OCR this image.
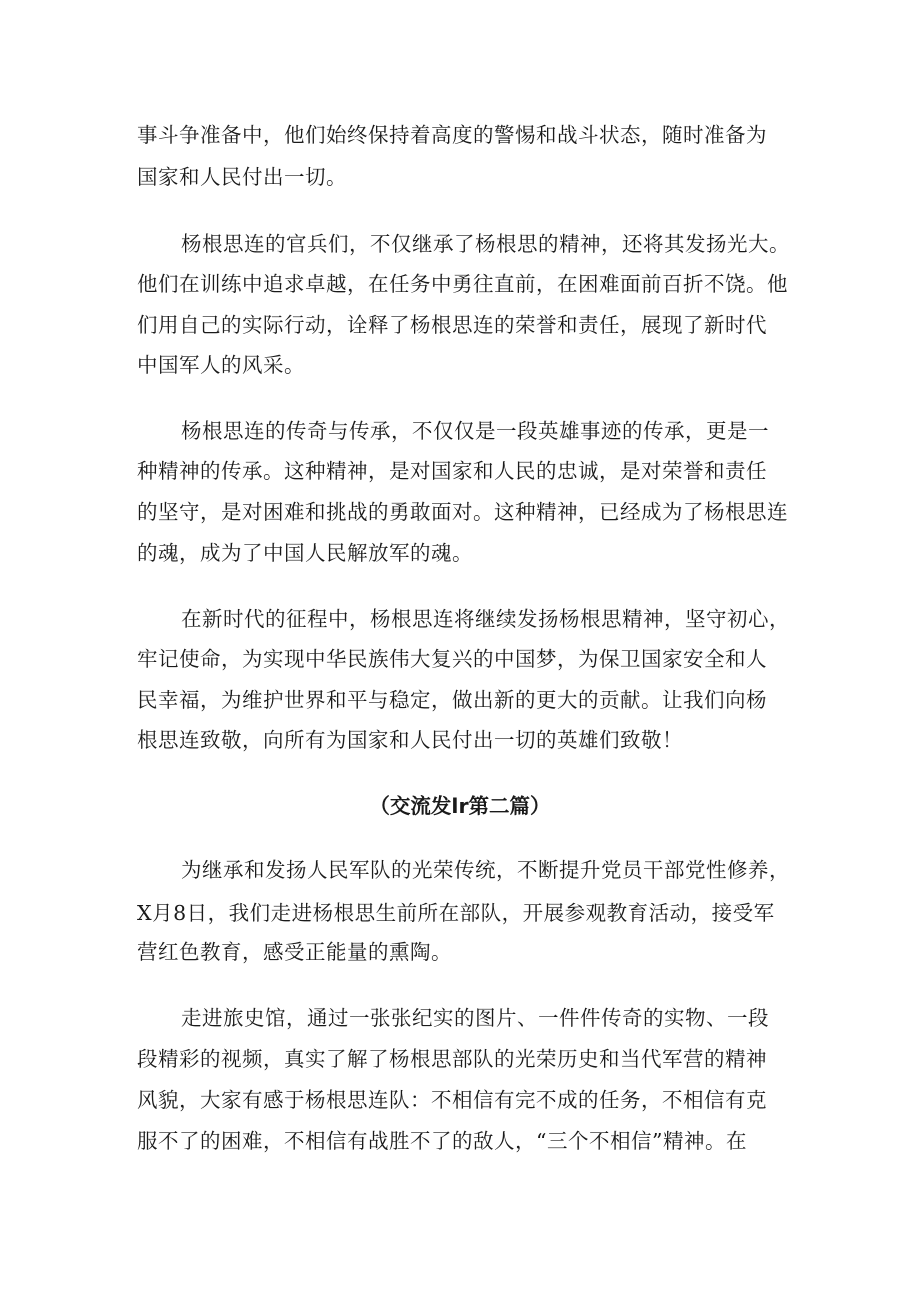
事斗争准备中，他们始终保持着高度的警惕和战斗状态，随时准备为
国家和人民付出一切。
杨根思连的官兵们，不仅继承了杨根思的精神，还将其发扬光大。
他们在训练中追求卓越，在任务中勇往直前，在困难面前百折不饶。他
们用自己的实际行动，诠释了杨根思连的荣誉和责任，展现了新时代
中国军人的风采。
杨根思连的传奇与传承，不仅仅是一段英雄事迹的传承，更是一
种精神的传承。这种精神，是对国家和人民的忠诚，是对荣誉和责任
的坚守，是对困难和挑战的勇敢面对。这种精神，已经成为了杨根思连
的魂，成为了中国人民解放军的魂。
在新时代的征程中，杨根思连将继续发扬杨根思精神，坚守初心，
牢记使命，为实现中华民族伟大复兴的中国梦，为保卫国家安全和人
民幸福，为维护世界和平与稳定，做出新的更大的贡献。让我们向杨
根思连致敬，向所有为国家和人民付出一切的英雄们致敬！
（交流发lr第二篇）
为继承和发扬人民军队的光荣传统，不断提升党员干部党性修养，
X月8日，我们走进杨根思生前所在部队，开展参观教育活动，接受军
营红色教育，感受正能量的熏陶。
走进旅史馆，通过一张张纪实的图片、一件件传奇的实物、一段
段精彩的视频，真实了解了杨根思部队的光荣历史和当代军营的精神
风貌，大家有感于杨根思连队：不相信有完不成的任务，不相信有克
服不了的困难，不相信有战胜不了的敌人，“三个不相信”精神。在
